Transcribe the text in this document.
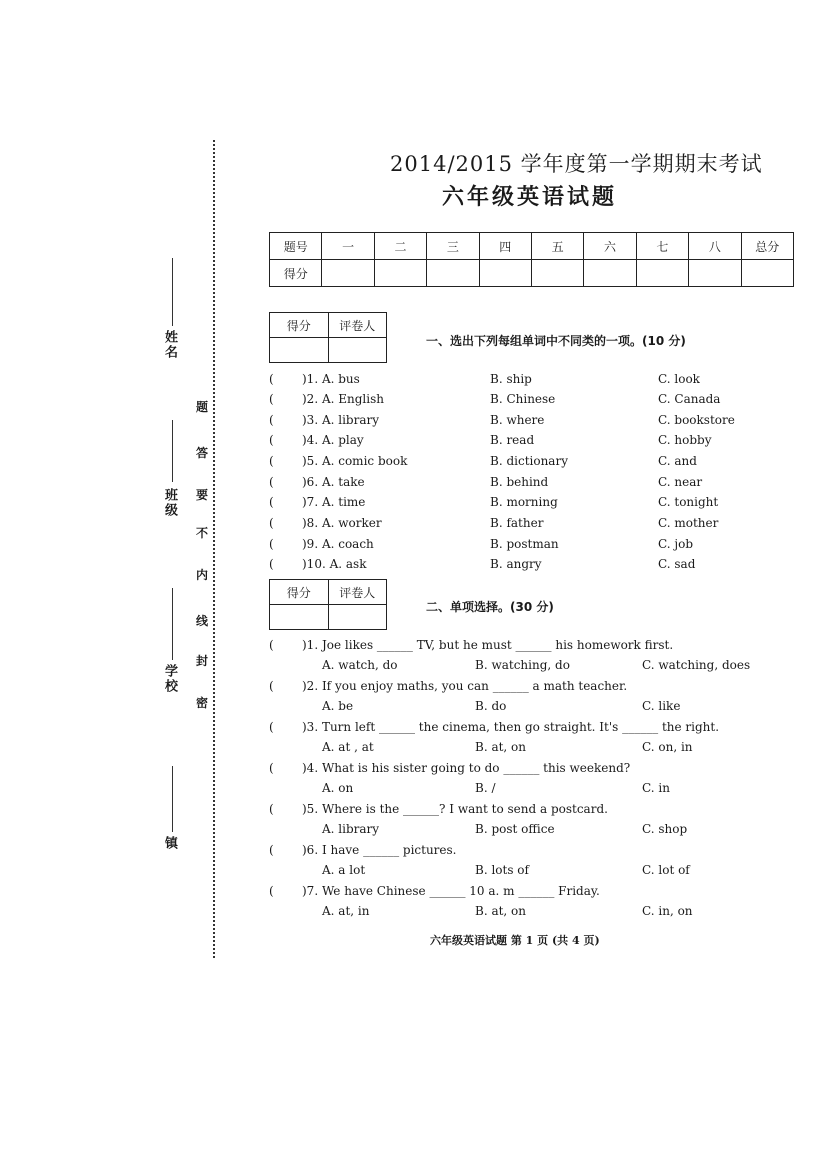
姓名
班级
学校
镇
题
答
要
不
内
线
封
密
2014/2015 学年度第一学期期末考试
六年级英语试题
题号	一	二	三	四	五	六	七	八	总分
得分									
得分	评卷人

一、选出下列每组单词中不同类的一项。(10 分)
( )1. A. bus	B. ship	C. look
( )2. A. English	B. Chinese	C. Canada
( )3. A. library	B. where	C. bookstore
( )4. A. play	B. read	C. hobby
( )5. A. comic book	B. dictionary	C. and
( )6. A. take	B. behind	C. near
( )7. A. time	B. morning	C. tonight
( )8. A. worker	B. father	C. mother
( )9. A. coach	B. postman	C. job
( )10. A. ask	B. angry	C. sad
得分	评卷人

二、单项选择。(30 分)
( )1. Joe likes ______ TV, but he must ______ his homework first.
A. watch, do	B. watching, do	C. watching, does
( )2. If you enjoy maths, you can ______ a math teacher.
A. be	B. do	C. like
( )3. Turn left ______ the cinema, then go straight. It's ______ the right.
A. at , at	B. at, on	C. on, in
( )4. What is his sister going to do ______ this weekend?
A. on	B. /	C. in
( )5. Where is the ______? I want to send a postcard.
A. library	B. post office	C. shop
( )6. I have ______ pictures.
A. a lot	B. lots of	C. lot of
( )7. We have Chinese ______ 10 a. m ______ Friday.
A. at, in	B. at, on	C. in, on
六年级英语试题 第 1 页 (共 4 页)
